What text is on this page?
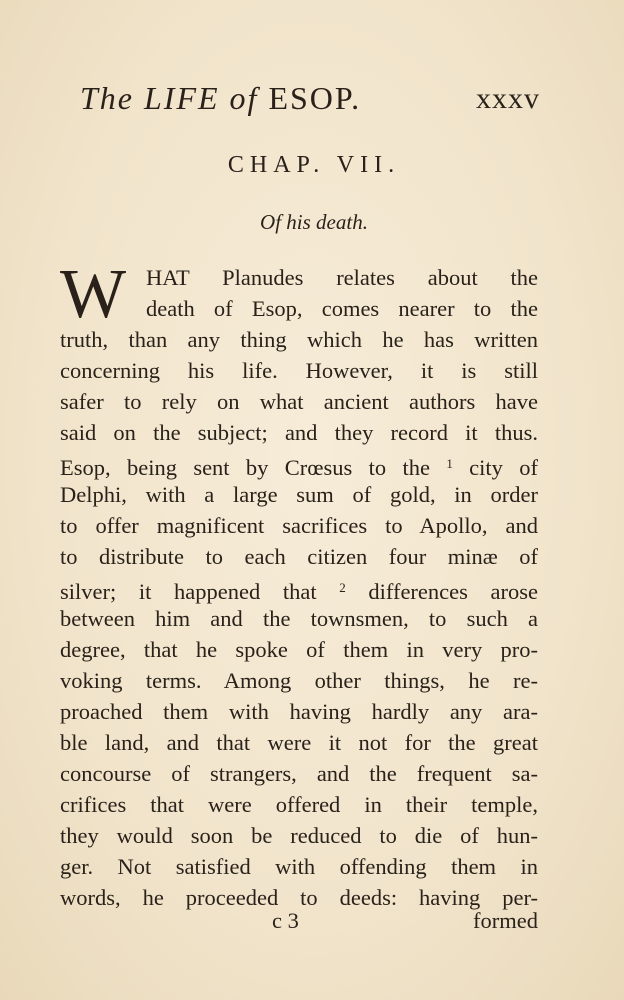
The LIFE of ESOP.	xxxv
CHAP. VII.
Of his death.
W HAT Planudes relates about the
death of Esop, comes nearer to the
truth, than any thing which he has written
concerning his life. However, it is still
safer to rely on what ancient authors have
said on the subject; and they record it thus.
Esop, being sent by Crœsus to the $^1$ city of
Delphi, with a large sum of gold, in order
to offer magnificent sacrifices to Apollo, and
to distribute to each citizen four minæ of
silver; it happened that $^2$ differences arose
between him and the townsmen, to such a
degree, that he spoke of them in very pro-
voking terms. Among other things, he re-
proached them with having hardly any ara-
ble land, and that were it not for the great
concourse of strangers, and the frequent sa-
crifices that were offered in their temple,
they would soon be reduced to die of hun-
ger. Not satisfied with offending them in
words, he proceeded to deeds: having per-
c 3	formed
